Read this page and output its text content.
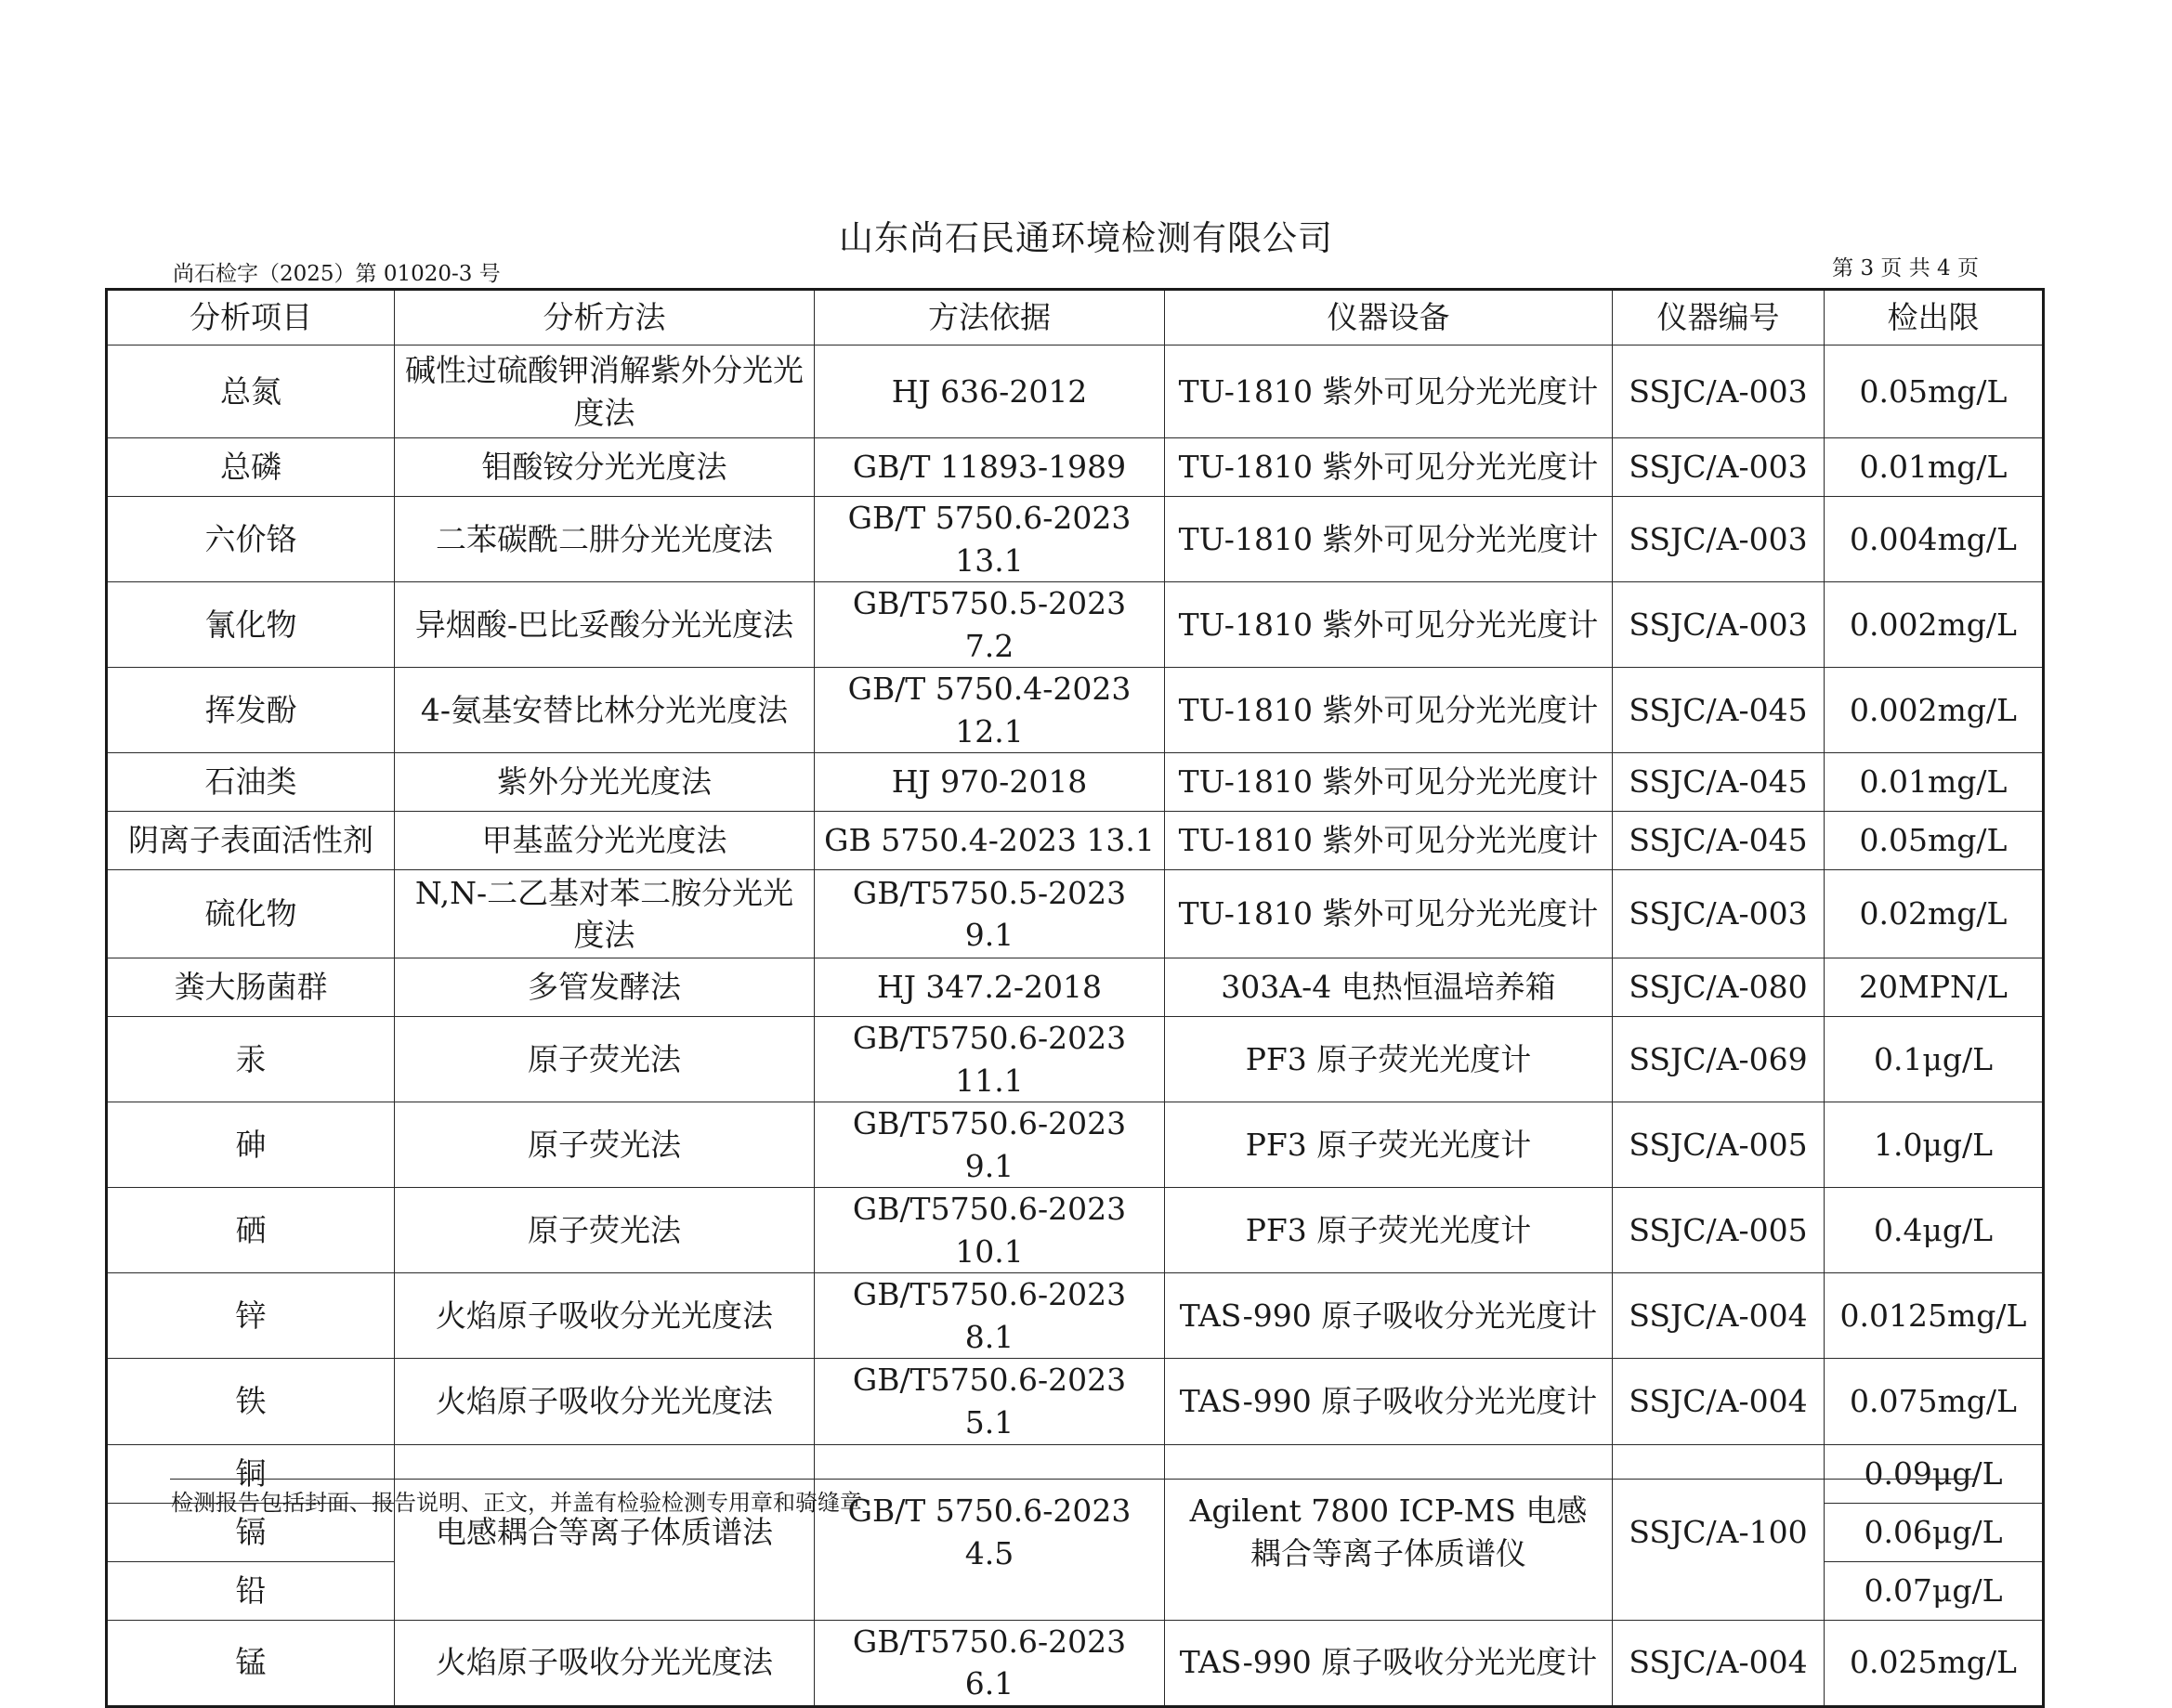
山东尚石民通环境检测有限公司
尚石检字（2025）第 01020-3 号	第 3 页 共 4 页
分析项目	分析方法	方法依据	仪器设备	仪器编号	检出限
总氮	碱性过硫酸钾消解紫外分光光度法	HJ 636-2012	TU-1810 紫外可见分光光度计	SSJC/A-003	0.05mg/L
总磷	钼酸铵分光光度法	GB/T 11893-1989	TU-1810 紫外可见分光光度计	SSJC/A-003	0.01mg/L
六价铬	二苯碳酰二肼分光光度法	GB/T 5750.6-2023 13.1	TU-1810 紫外可见分光光度计	SSJC/A-003	0.004mg/L
氰化物	异烟酸-巴比妥酸分光光度法	GB/T5750.5-2023 7.2	TU-1810 紫外可见分光光度计	SSJC/A-003	0.002mg/L
挥发酚	4-氨基安替比林分光光度法	GB/T 5750.4-2023 12.1	TU-1810 紫外可见分光光度计	SSJC/A-045	0.002mg/L
石油类	紫外分光光度法	HJ 970-2018	TU-1810 紫外可见分光光度计	SSJC/A-045	0.01mg/L
阴离子表面活性剂	甲基蓝分光光度法	GB 5750.4-2023 13.1	TU-1810 紫外可见分光光度计	SSJC/A-045	0.05mg/L
硫化物	N,N-二乙基对苯二胺分光光度法	GB/T5750.5-2023 9.1	TU-1810 紫外可见分光光度计	SSJC/A-003	0.02mg/L
粪大肠菌群	多管发酵法	HJ 347.2-2018	303A-4 电热恒温培养箱	SSJC/A-080	20MPN/L
汞	原子荧光法	GB/T5750.6-2023 11.1	PF3 原子荧光光度计	SSJC/A-069	0.1μg/L
砷	原子荧光法	GB/T5750.6-2023 9.1	PF3 原子荧光光度计	SSJC/A-005	1.0μg/L
硒	原子荧光法	GB/T5750.6-2023 10.1	PF3 原子荧光光度计	SSJC/A-005	0.4μg/L
锌	火焰原子吸收分光光度法	GB/T5750.6-2023 8.1	TAS-990 原子吸收分光光度计	SSJC/A-004	0.0125mg/L
铁	火焰原子吸收分光光度法	GB/T5750.6-2023 5.1	TAS-990 原子吸收分光光度计	SSJC/A-004	0.075mg/L
铜	电感耦合等离子体质谱法	GB/T 5750.6-2023 4.5	Agilent 7800 ICP-MS 电感耦合等离子体质谱仪	SSJC/A-100	0.09μg/L
镉					0.06μg/L
铅					0.07μg/L
锰	火焰原子吸收分光光度法	GB/T5750.6-2023 6.1	TAS-990 原子吸收分光光度计	SSJC/A-004	0.025mg/L
检测报告包括封面、报告说明、正文，并盖有检验检测专用章和骑缝章
